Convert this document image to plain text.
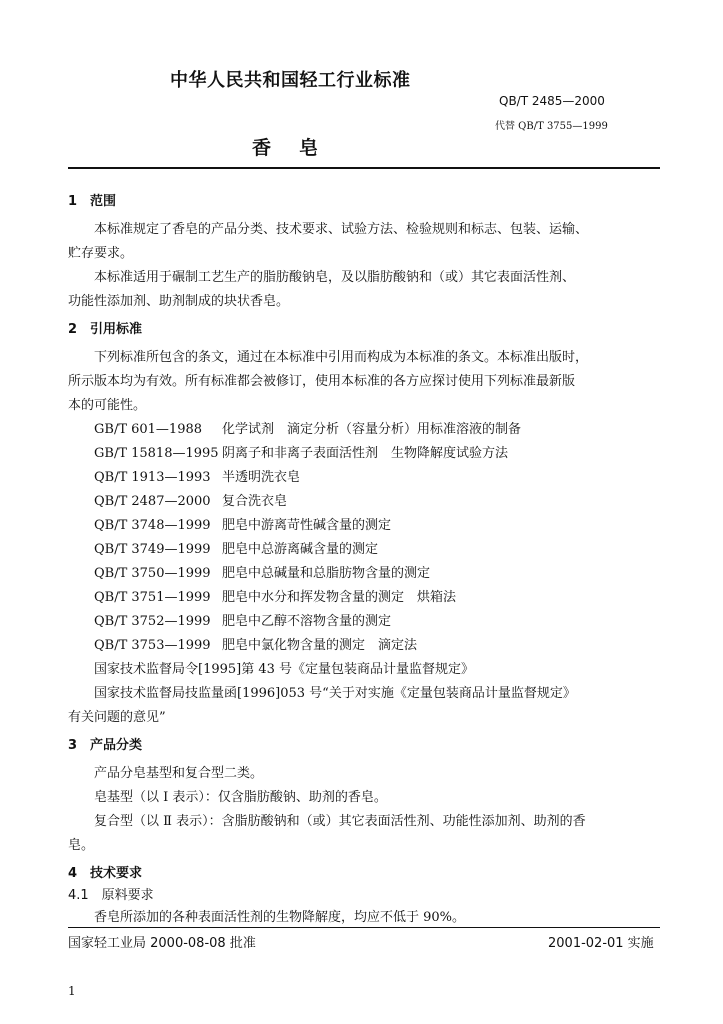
中华人民共和国轻工行业标准
QB/T 2485—2000
代替 QB/T 3755—1999
香皂
1　范围
本标准规定了香皂的产品分类、技术要求、试验方法、检验规则和标志、包装、运输、
贮存要求。
本标准适用于碾制工艺生产的脂肪酸钠皂，及以脂肪酸钠和（或）其它表面活性剂、
功能性添加剂、助剂制成的块状香皂。
2　引用标准
下列标准所包含的条文，通过在本标准中引用而构成为本标准的条文。本标准出版时，
所示版本均为有效。所有标准都会被修订，使用本标准的各方应探讨使用下列标准最新版
本的可能性。
GB/T 601—1988 化学试剂　滴定分析（容量分析）用标准溶液的制备
GB/T 15818—1995 阴离子和非离子表面活性剂　生物降解度试验方法
QB/T 1913—1993 半透明洗衣皂
QB/T 2487—2000 复合洗衣皂
QB/T 3748—1999 肥皂中游离苛性碱含量的测定
QB/T 3749—1999 肥皂中总游离碱含量的测定
QB/T 3750—1999 肥皂中总碱量和总脂肪物含量的测定
QB/T 3751—1999 肥皂中水分和挥发物含量的测定　烘箱法
QB/T 3752—1999 肥皂中乙醇不溶物含量的测定
QB/T 3753—1999 肥皂中氯化物含量的测定　滴定法
国家技术监督局令[1995]第 43 号《定量包装商品计量监督规定》
国家技术监督局技监量函[1996]053 号“关于对实施《定量包装商品计量监督规定》
有关问题的意见”
3　产品分类
产品分皂基型和复合型二类。
皂基型（以 Ⅰ 表示）：仅含脂肪酸钠、助剂的香皂。
复合型（以 Ⅱ 表示）：含脂肪酸钠和（或）其它表面活性剂、功能性添加剂、助剂的香
皂。
4　技术要求
4.1　原料要求
香皂所添加的各种表面活性剂的生物降解度，均应不低于 90%。
国家轻工业局 2000-08-08 批准	2001-02-01 实施
1
